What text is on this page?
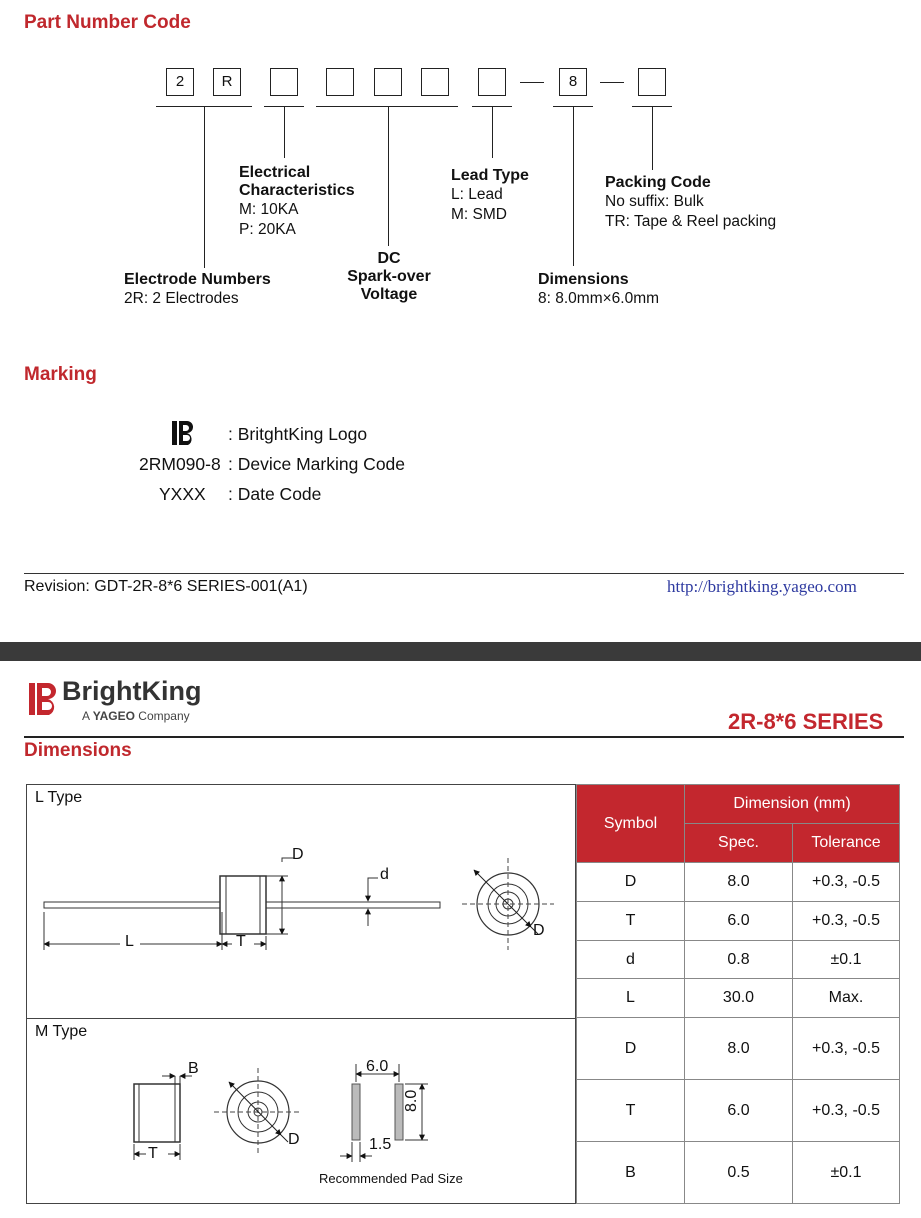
Part Number Code
2	R	8
Electrical
Characteristics
M: 10KA
P: 20KA
Lead Type
L: Lead
M: SMD
Packing Code
No suffix: Bulk
TR: Tape & Reel packing
Electrode Numbers
2R: 2 Electrodes
DC
Spark-over
Voltage
Dimensions
8: 8.0mm×6.0mm
Marking
: BritghtKing Logo
2RM090-8 : Device Marking Code
YXXX : Date Code
Revision: GDT-2R-8*6 SERIES-001(A1)	http://brightking.yageo.com
BrightKing
A YAGEO Company	2R-8*6 SERIES
Dimensions
L Type
M Type
D
d
L	T
D
B
T
D
6.0
8.0
1.5
Recommended Pad Size
Symbol	Dimension (mm)	
	Spec.	Tolerance
D	8.0	+0.3, -0.5
T	6.0	+0.3, -0.5
d	0.8	±0.1
L	30.0	Max.
D	8.0	+0.3, -0.5
T	6.0	+0.3, -0.5
B	0.5	±0.1
